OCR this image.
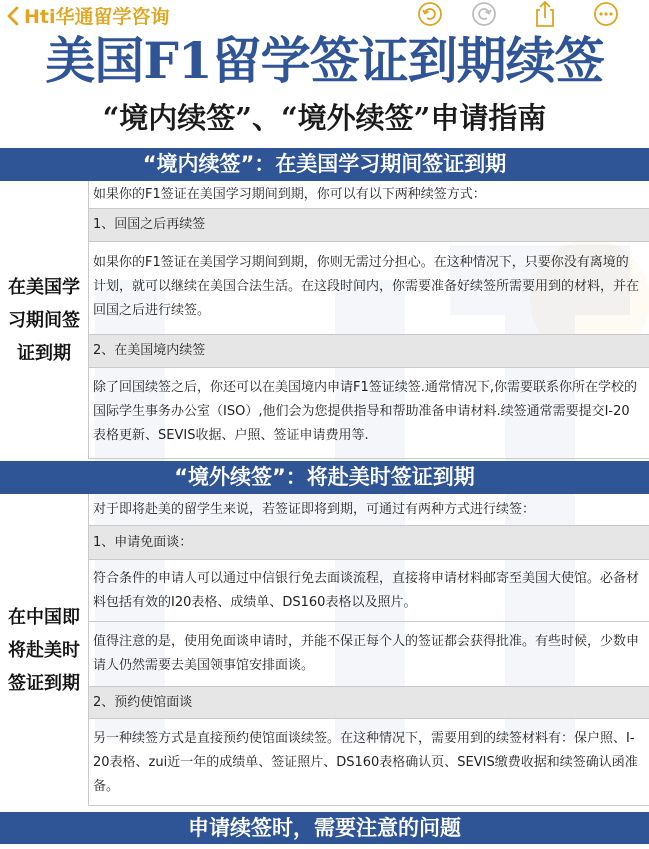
Hti华通留学咨询
美国F1留学签证到期续签
“境内续签”、“境外续签”申请指南
“境内续签”：在美国学习期间签证到期
在美国学习期间签证到期
如果你的F1签证在美国学习期间到期，你可以有以下两种续签方式：
1、回国之后再续签
如果你的F1签证在美国学习期间到期，你则无需过分担心。在这种情况下，只要你没有离境的计划，就可以继续在美国合法生活。在这段时间内，你需要准备好续签所需要用到的材料，并在回国之后进行续签。
2、在美国境内续签
除了回国续签之后，你还可以在美国境内申请F1签证续签.通常情况下,你需要联系你所在学校的国际学生事务办公室（ISO）,他们会为您提供指导和帮助准备申请材料.续签通常需要提交I-20表格更新、SEVIS收据、户照、签证申请费用等.
“境外续签”：将赴美时签证到期
在中国即将赴美时签证到期
对于即将赴美的留学生来说，若签证即将到期，可通过有两种方式进行续签：
1、申请免面谈：
符合条件的申请人可以通过中信银行免去面谈流程，直接将申请材料邮寄至美国大使馆。必备材料包括有效的I20表格、成绩单、DS160表格以及照片。
值得注意的是，使用免面谈申请时，并能不保正每个人的签证都会获得批准。有些时候，少数申请人仍然需要去美国领事馆安排面谈。
2、预约使馆面谈
另一种续签方式是直接预约使馆面谈续签。在这种情况下，需要用到的续签材料有：保户照、I-20表格、zui近一年的成绩单、签证照片、DS160表格确认页、SEVIS缴费收据和续签确认函准备。
申请续签时，需要注意的问题
